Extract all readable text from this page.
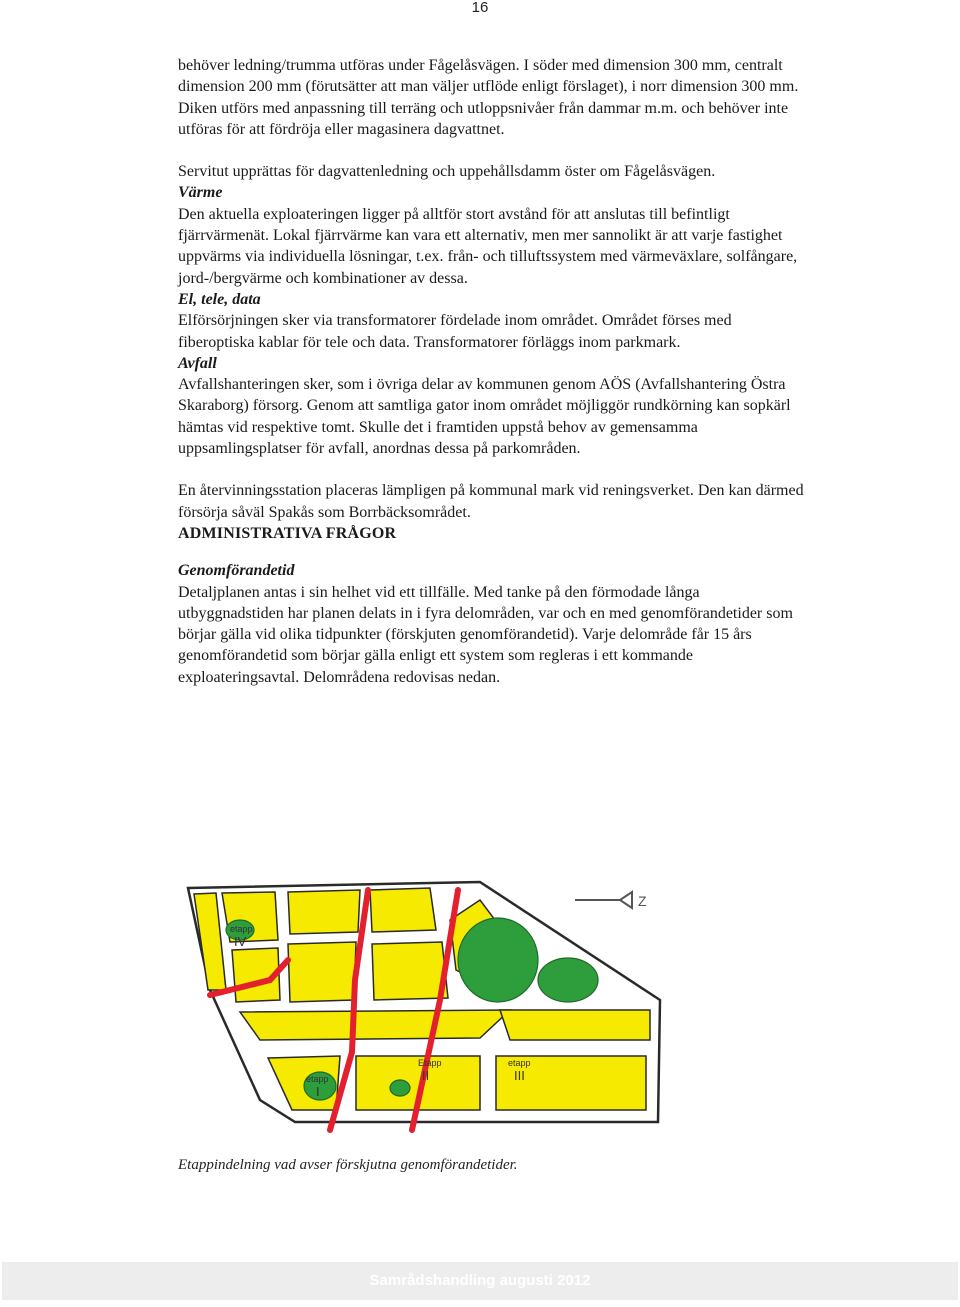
16

behöver ledning/trumma utföras under Fågelåsvägen. I söder med dimension 300 mm, centralt dimension 200 mm (förutsätter att man väljer utflöde enligt förslaget), i norr dimension 300 mm. Diken utförs med anpassning till terräng och utloppsnivåer från dammar m.m. och behöver inte utföras för att fördröja eller magasinera dagvattnet.

Servitut upprättas för dagvattenledning och uppehållsdamm öster om Fågelåsvägen.

Värme

Den aktuella exploateringen ligger på alltför stort avstånd för att anslutas till befintligt fjärrvärmenät. Lokal fjärrvärme kan vara ett alternativ, men mer sannolikt är att varje fastighet uppvärms via individuella lösningar, t.ex. från- och tilluftssystem med värmeväxlare, solfångare, jord-/bergvärme och kombinationer av dessa.

El, tele, data

Elförsörjningen sker via transformatorer fördelade inom området. Området förses med fiberoptiska kablar för tele och data. Transformatorer förläggs inom parkmark.

Avfall

Avfallshanteringen sker, som i övriga delar av kommunen genom AÖS (Avfallshantering Östra Skaraborg) försorg. Genom att samtliga gator inom området möjliggör rundkörning kan sopkärl hämtas vid respektive tomt. Skulle det i framtiden uppstå behov av gemensamma uppsamlingsplatser för avfall, anordnas dessa på parkområden.

En återvinningsstation placeras lämpligen på kommunal mark vid reningsverket. Den kan därmed försörja såväl Spakås som Borrbäcksområdet.

ADMINISTRATIVA FRÅGOR

Genomförandetid

Detaljplanen antas i sin helhet vid ett tillfälle. Med tanke på den förmodade långa utbyggnadstiden har planen delats in i fyra delområden, var och en med genomförandetider som börjar gälla vid olika tidpunkter (förskjuten genomförandetid). Varje delområde får 15 års genomförandetid som börjar gälla enligt ett system som regleras i ett kommande exploateringsavtal. Delområdena redovisas nedan.

Z
etapp
IV
etapp
I
Etapp
II
etapp
III
Etappindelning vad avser förskjutna genomförandetider.
Samrådshandling augusti 2012
